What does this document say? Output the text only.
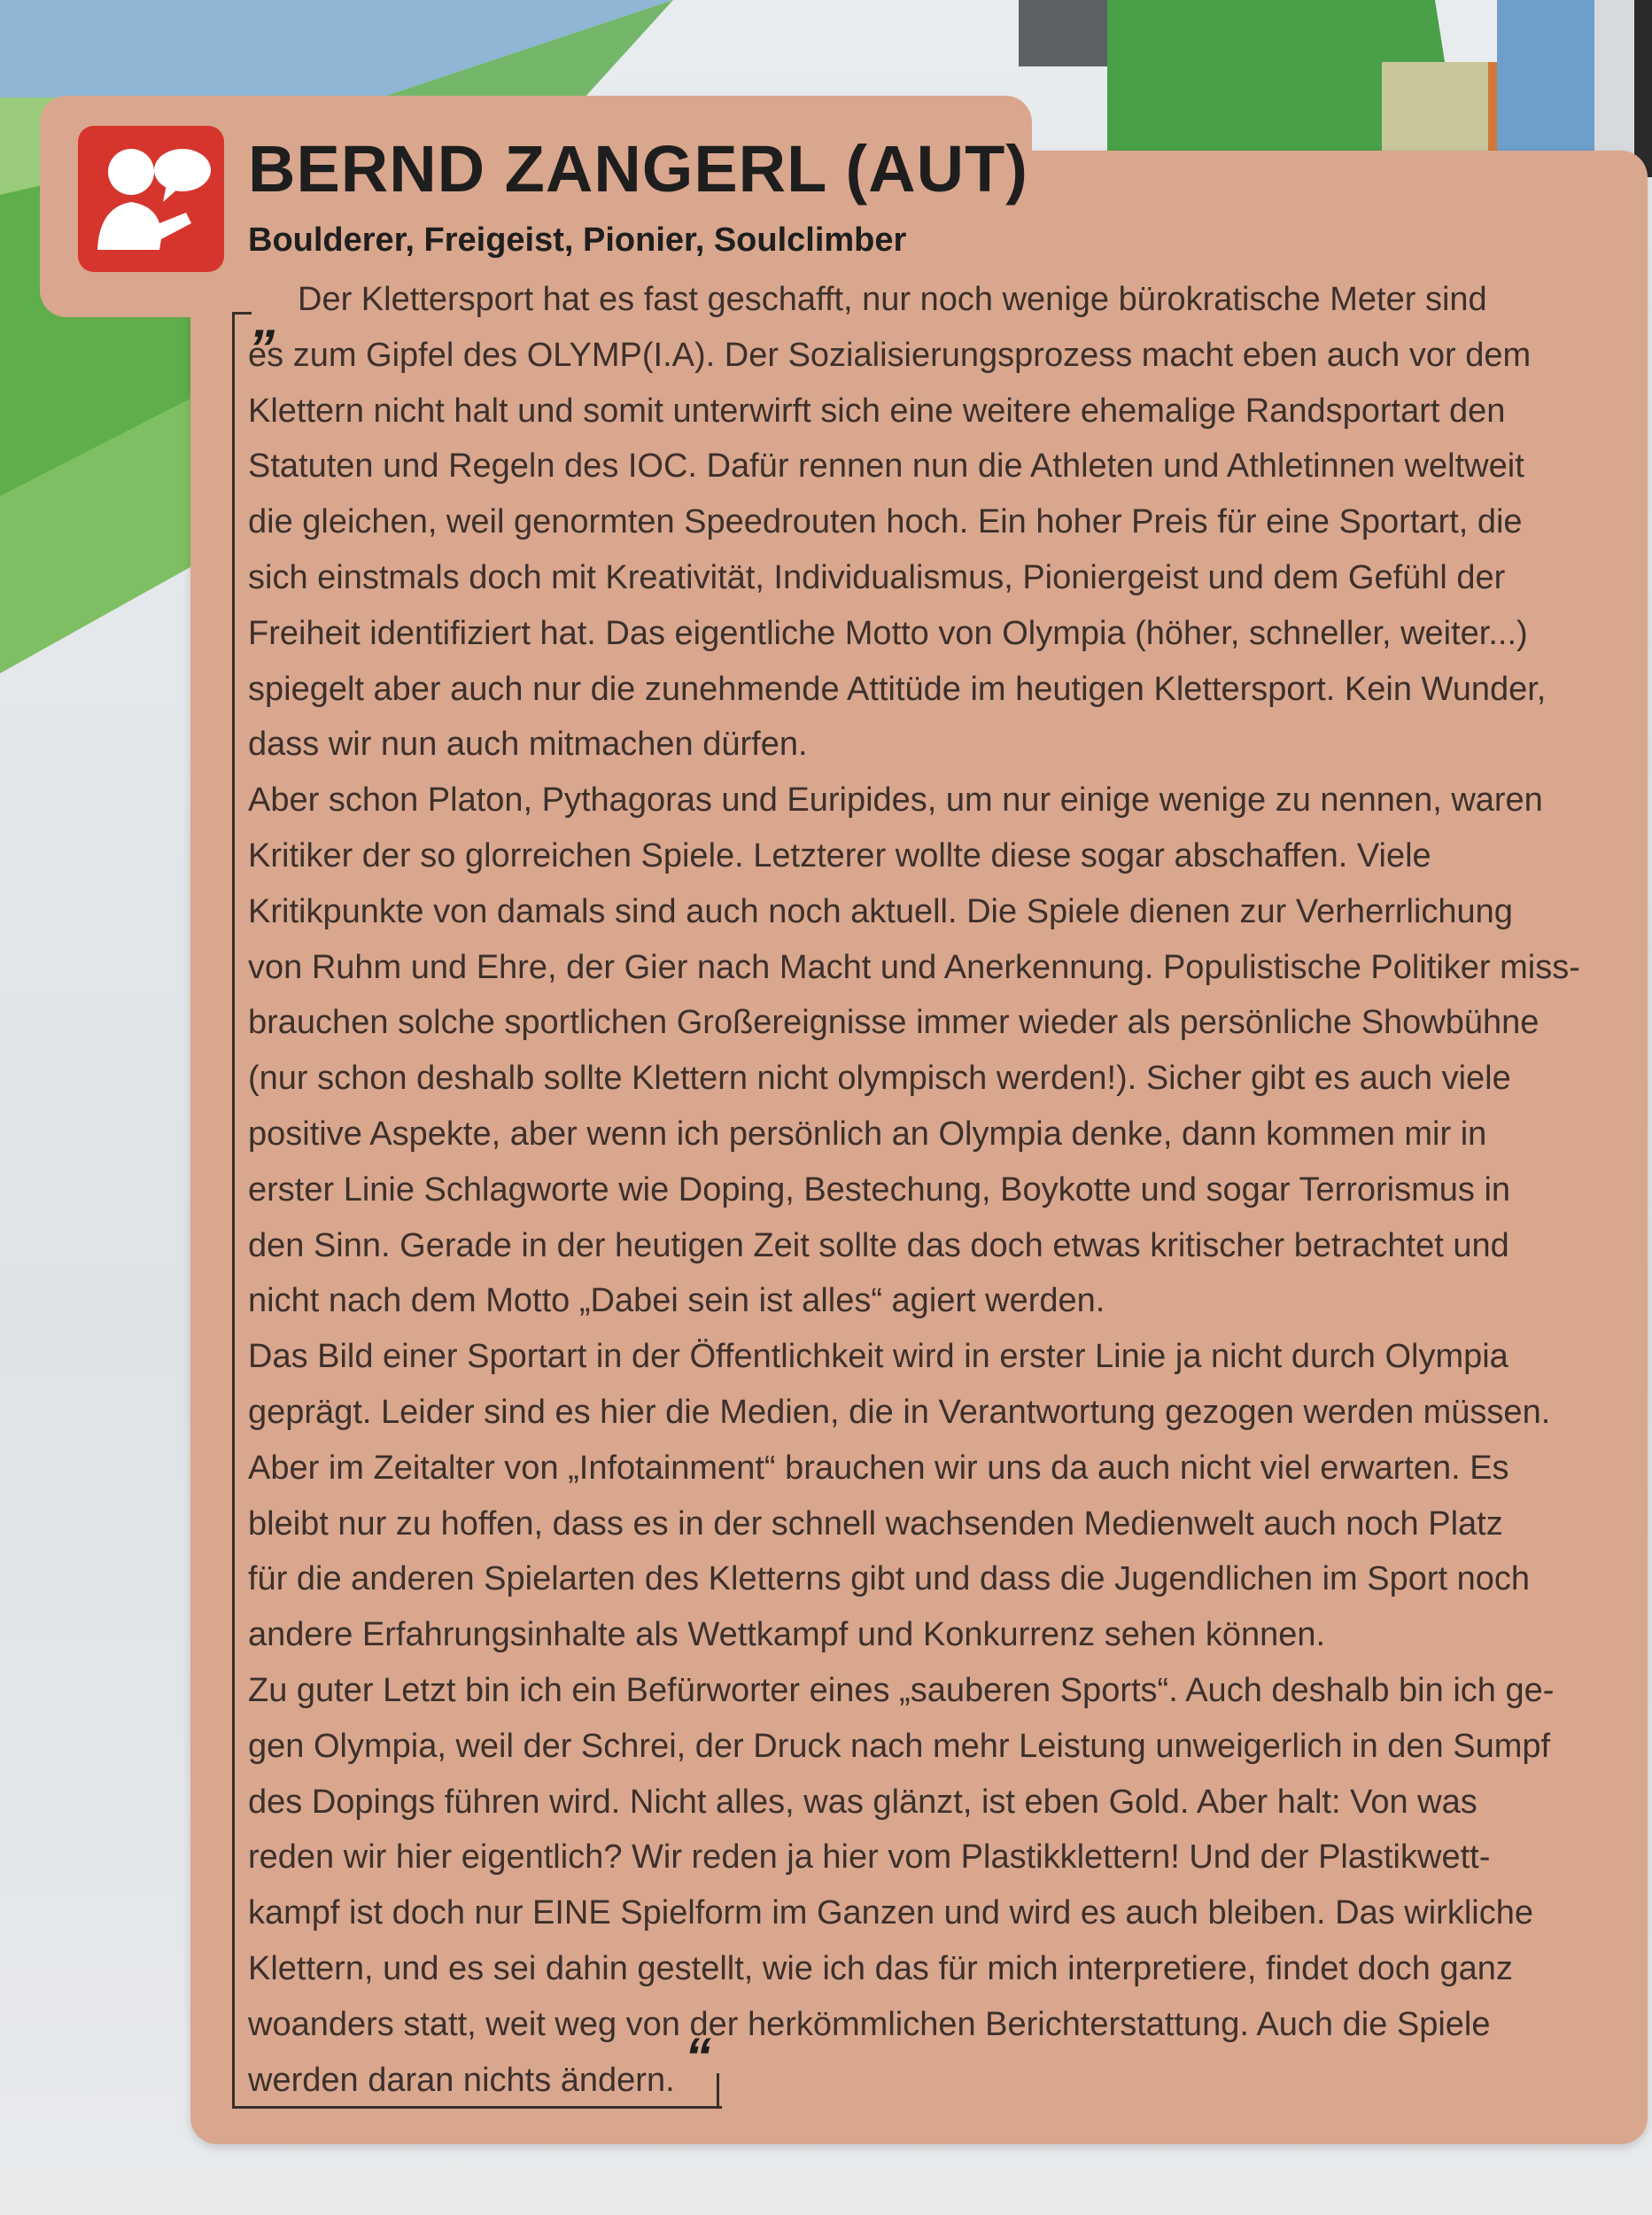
BERND ZANGERL (AUT)

Boulderer, Freigeist, Pionier, Soulclimber

„
“
Der Klettersport hat es fast geschafft, nur noch wenige bürokratische Meter sind
es zum Gipfel des OLYMP(I.A). Der Sozialisierungsprozess macht eben auch vor dem
Klettern nicht halt und somit unterwirft sich eine weitere ehemalige Randsportart den
Statuten und Regeln des IOC. Dafür rennen nun die Athleten und Athletinnen weltweit
die gleichen, weil genormten Speedrouten hoch. Ein hoher Preis für eine Sportart, die
sich einstmals doch mit Kreativität, Individualismus, Pioniergeist und dem Gefühl der
Freiheit identifiziert hat. Das eigentliche Motto von Olympia (höher, schneller, weiter...)
spiegelt aber auch nur die zunehmende Attitüde im heutigen Klettersport. Kein Wunder,
dass wir nun auch mitmachen dürfen.
Aber schon Platon, Pythagoras und Euripides, um nur einige wenige zu nennen, waren
Kritiker der so glorreichen Spiele. Letzterer wollte diese sogar abschaffen. Viele
Kritikpunkte von damals sind auch noch aktuell. Die Spiele dienen zur Verherrlichung
von Ruhm und Ehre, der Gier nach Macht und Anerkennung. Populistische Politiker miss-
brauchen solche sportlichen Großereignisse immer wieder als persönliche Showbühne
(nur schon deshalb sollte Klettern nicht olympisch werden!). Sicher gibt es auch viele
positive Aspekte, aber wenn ich persönlich an Olympia denke, dann kommen mir in
erster Linie Schlagworte wie Doping, Bestechung, Boykotte und sogar Terrorismus in
den Sinn. Gerade in der heutigen Zeit sollte das doch etwas kritischer betrachtet und
nicht nach dem Motto „Dabei sein ist alles“ agiert werden.
Das Bild einer Sportart in der Öffentlichkeit wird in erster Linie ja nicht durch Olympia
geprägt. Leider sind es hier die Medien, die in Verantwortung gezogen werden müssen.
Aber im Zeitalter von „Infotainment“ brauchen wir uns da auch nicht viel erwarten. Es
bleibt nur zu hoffen, dass es in der schnell wachsenden Medienwelt auch noch Platz
für die anderen Spielarten des Kletterns gibt und dass die Jugendlichen im Sport noch
andere Erfahrungsinhalte als Wettkampf und Konkurrenz sehen können.
Zu guter Letzt bin ich ein Befürworter eines „sauberen Sports“. Auch deshalb bin ich ge-
gen Olympia, weil der Schrei, der Druck nach mehr Leistung unweigerlich in den Sumpf
des Dopings führen wird. Nicht alles, was glänzt, ist eben Gold. Aber halt: Von was
reden wir hier eigentlich? Wir reden ja hier vom Plastikklettern! Und der Plastikwett-
kampf ist doch nur EINE Spielform im Ganzen und wird es auch bleiben. Das wirkliche
Klettern, und es sei dahin gestellt, wie ich das für mich interpretiere, findet doch ganz
woanders statt, weit weg von der herkömmlichen Berichterstattung. Auch die Spiele
werden daran nichts ändern.
